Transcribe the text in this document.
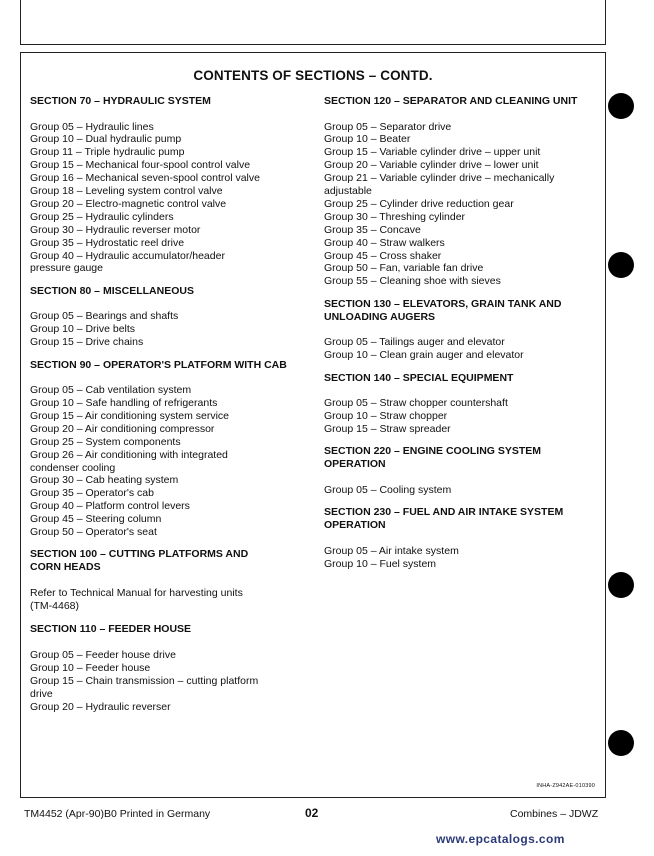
CONTENTS OF SECTIONS – CONTD.
SECTION 70 – HYDRAULIC SYSTEM
Group 05 – Hydraulic lines
Group 10 – Dual hydraulic pump
Group 11 – Triple hydraulic pump
Group 15 – Mechanical four-spool control valve
Group 16 – Mechanical seven-spool control valve
Group 18 – Leveling system control valve
Group 20 – Electro-magnetic control valve
Group 25 – Hydraulic cylinders
Group 30 – Hydraulic reverser motor
Group 35 – Hydrostatic reel drive
Group 40 – Hydraulic accumulator/header
pressure gauge
SECTION 80 – MISCELLANEOUS
Group 05 – Bearings and shafts
Group 10 – Drive belts
Group 15 – Drive chains
SECTION 90 – OPERATOR'S PLATFORM WITH CAB
Group 05 – Cab ventilation system
Group 10 – Safe handling of refrigerants
Group 15 – Air conditioning system service
Group 20 – Air conditioning compressor
Group 25 – System components
Group 26 – Air conditioning with integrated
condenser cooling
Group 30 – Cab heating system
Group 35 – Operator's cab
Group 40 – Platform control levers
Group 45 – Steering column
Group 50 – Operator's seat
SECTION 100 – CUTTING PLATFORMS AND
CORN HEADS
Refer to Technical Manual for harvesting units
(TM-4468)
SECTION 110 – FEEDER HOUSE
Group 05 – Feeder house drive
Group 10 – Feeder house
Group 15 – Chain transmission – cutting platform
drive
Group 20 – Hydraulic reverser
SECTION 120 – SEPARATOR AND CLEANING UNIT
Group 05 – Separator drive
Group 10 – Beater
Group 15 – Variable cylinder drive – upper unit
Group 20 – Variable cylinder drive – lower unit
Group 21 – Variable cylinder drive – mechanically
adjustable
Group 25 – Cylinder drive reduction gear
Group 30 – Threshing cylinder
Group 35 – Concave
Group 40 – Straw walkers
Group 45 – Cross shaker
Group 50 – Fan, variable fan drive
Group 55 – Cleaning shoe with sieves
SECTION 130 – ELEVATORS, GRAIN TANK AND
UNLOADING AUGERS
Group 05 – Tailings auger and elevator
Group 10 – Clean grain auger and elevator
SECTION 140 – SPECIAL EQUIPMENT
Group 05 – Straw chopper countershaft
Group 10 – Straw chopper
Group 15 – Straw spreader
SECTION 220 – ENGINE COOLING SYSTEM
OPERATION
Group 05 – Cooling system
SECTION 230 – FUEL AND AIR INTAKE SYSTEM
OPERATION
Group 05 – Air intake system
Group 10 – Fuel system
INHA-Z942AE-010390
TM4452 (Apr-90)B0 Printed in Germany	02	Combines – JDWZ
www.epcatalogs.com
